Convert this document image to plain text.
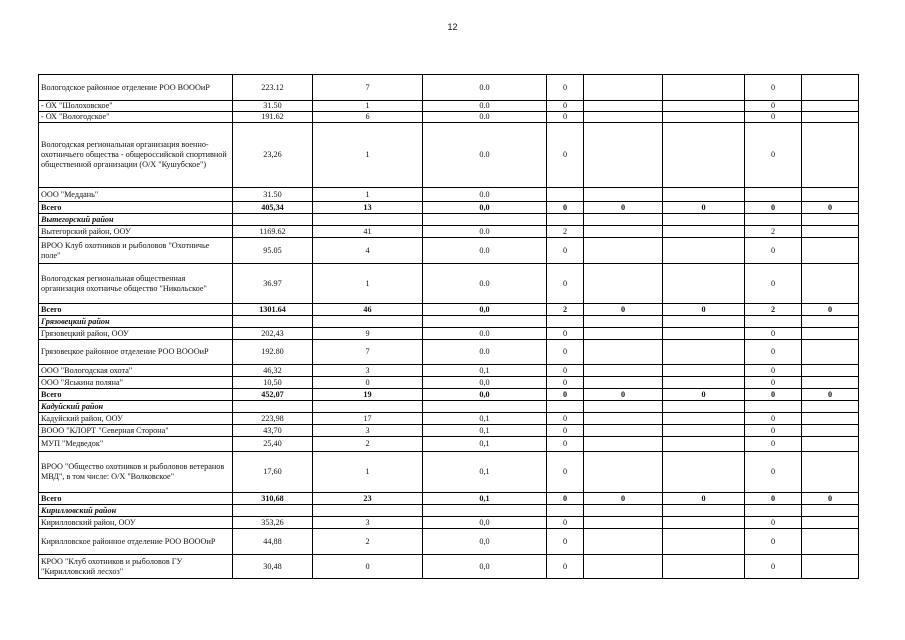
12
Вологодское районное отделение РОО ВОООиР	223.12	7	0.0	0			0	
- ОХ "Шолоховское"	31.50	1	0.0	0			0	
- ОХ "Вологодское"	191.62	6	0.0	0			0	
Вологодская региональная организация военно-охотничьего общества - общероссийской спортивной общественной организации (О/Х "Кушубское")	23,26	1	0.0	0			0	
ООО "Меддань"	31.50	1	0.0					
Всего	405,34	13	0,0	0	0	0	0	0
Вытегорский район								
Вытегорский район, ООУ	1169.62	41	0.0	2			2	
ВРОО Клуб охотников и рыболовов "Охотничье поле"	95.05	4	0.0	0			0	
Вологодская региональная общественная организация охотничье общество "Никольское"	36.97	1	0.0	0			0	
Всего	1301.64	46	0,0	2	0	0	2	0
Грязовецкий район								
Грязовецкий район, ООУ	202,43	9	0.0	0			0	
Грязовецкое районное отделение РОО ВОООиР	192.80	7	0.0	0			0	
ООО "Вологодская охота"	46,32	3	0,1	0			0	
ООО "Яськина поляна"	10,50	0	0,0	0			0	
Всего	452,07	19	0,0	0	0	0	0	0
Кадуйский район								
Кадуйский район, ООУ	223,98	17	0,1	0			0	
ВООО "КЛОРТ "Северная Сторона"	43,70	3	0,1	0			0	
МУП "Медведок"	25,40	2	0,1	0			0	
ВРОО "Общество охотников и рыболовов ветеранов МВД", в том числе: О/Х "Волковское"	17,60	1	0,1	0			0	
Всего	310,68	23	0,1	0	0	0	0	0
Кирилловский район								
Кирилловский район, ООУ	353,26	3	0,0	0			0	
Кирилловское районное отделение РОО ВОООиР	44,88	2	0,0	0			0	
КРОО "Клуб охотников и рыболовов ГУ "Кирилловский лесхоз"	30,48	0	0,0	0			0	
